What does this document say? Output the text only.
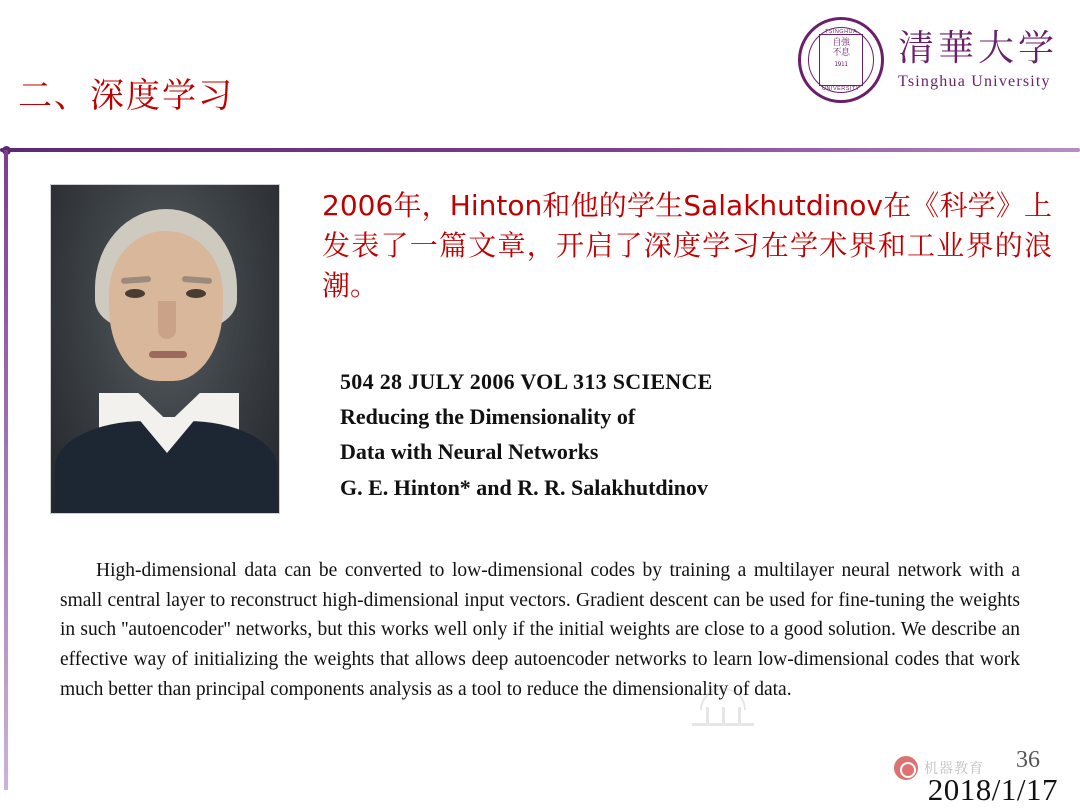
二、深度学习
TSINGHUA
自強
不息
1911
UNIVERSITY
清華大学
Tsinghua University
2006年，Hinton和他的学生Salakhutdinov在《科学》上发表了一篇文章，开启了深度学习在学术界和工业界的浪潮。
504 28 JULY 2006 VOL 313 SCIENCE
Reducing the Dimensionality of
Data with Neural Networks
G. E. Hinton* and R. R. Salakhutdinov
High-dimensional data can be converted to low-dimensional codes by training a multilayer neural network with a small central layer to reconstruct high-dimensional input vectors. Gradient descent can be used for fine-tuning the weights in such ''autoencoder'' networks, but this works well only if the initial weights are close to a good solution. We describe an effective way of initializing the weights that allows deep autoencoder networks to learn low-dimensional codes that work much better than principal components analysis as a tool to reduce the dimensionality of data.
机器教育 36
2018/1/17
